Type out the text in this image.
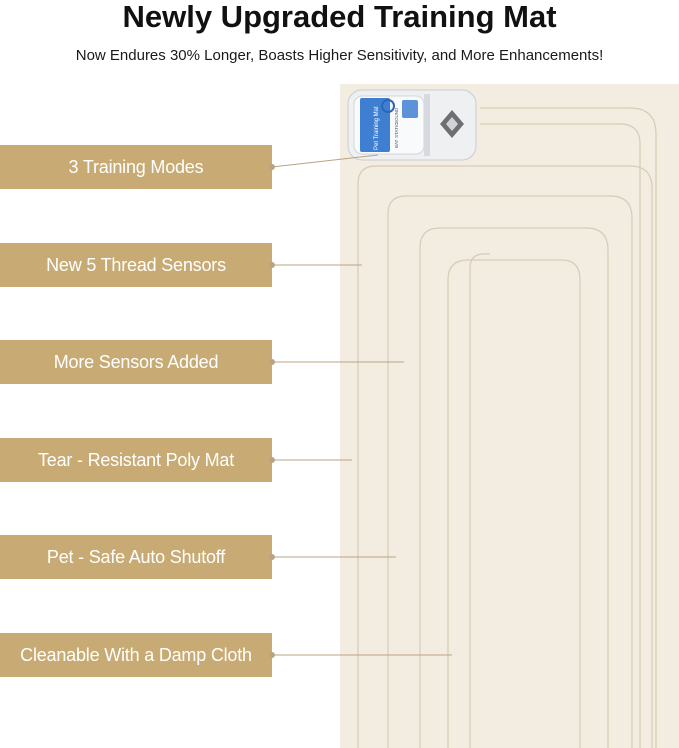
Newly Upgraded Training Mat
Now Endures 30% Longer, Boasts Higher Sensitivity, and More Enhancements!
Pet Training Mat	SOUND
STATIC
BAT
3 Training Modes
New 5 Thread Sensors
More Sensors Added
Tear - Resistant Poly Mat
Pet - Safe Auto Shutoff
Cleanable With a Damp Cloth
